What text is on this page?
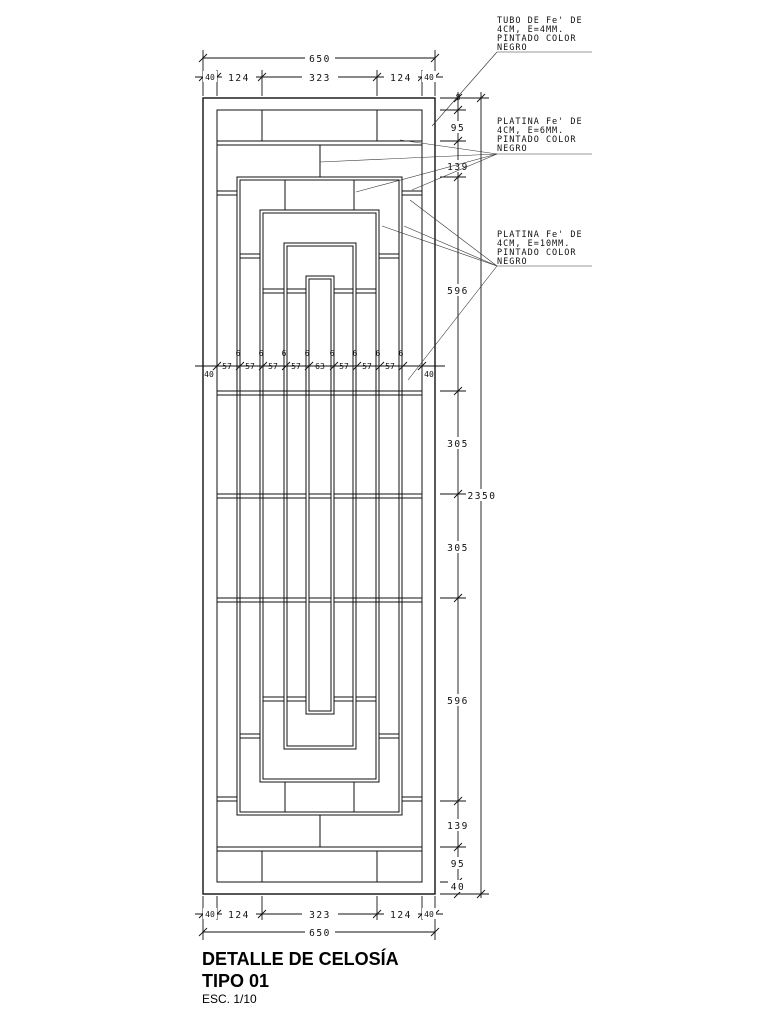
650
40 124	323	124 40
40 124	323	124 40
650
8
95
139
596
305
305
596
139
95
40
2350
40	40
57 57 57 57 63 57 57 57
6 6 6 6	6 6 6 6
TUBO DE Fe' DE
4CM, E=4MM.
PINTADO COLOR
NEGRO
PLATINA Fe' DE
4CM, E=6MM.
PINTADO COLOR
NEGRO
PLATINA Fe' DE
4CM, E=10MM.
PINTADO COLOR
NEGRO
DETALLE DE CELOSÍA
TIPO 01
ESC. 1/10
